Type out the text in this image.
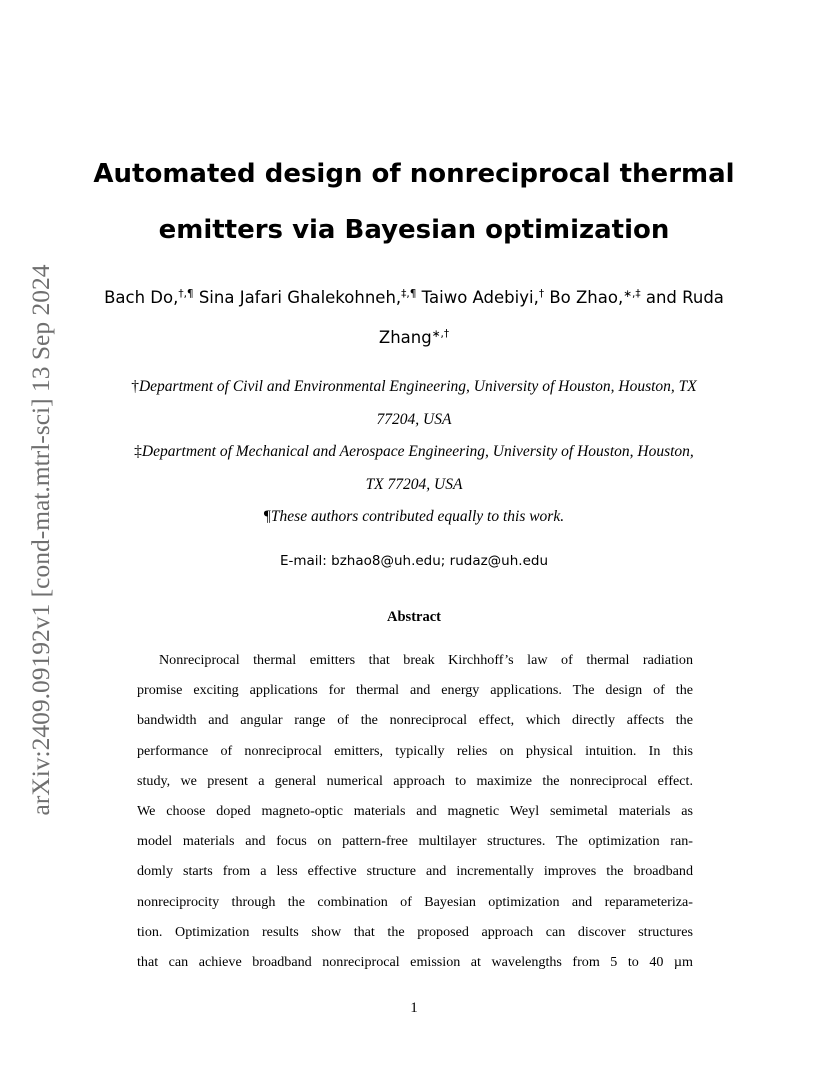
arXiv:2409.09192v1 [cond-mat.mtrl-sci] 13 Sep 2024
Automated design of nonreciprocal thermal
emitters via Bayesian optimization
Bach Do,†,¶ Sina Jafari Ghalekohneh,‡,¶ Taiwo Adebiyi,† Bo Zhao,∗,‡ and Ruda
Zhang∗,†
†Department of Civil and Environmental Engineering, University of Houston, Houston, TX
77204, USA
‡Department of Mechanical and Aerospace Engineering, University of Houston, Houston,
TX 77204, USA
¶These authors contributed equally to this work.
E-mail: bzhao8@uh.edu; rudaz@uh.edu
Abstract
Nonreciprocal thermal emitters that break Kirchhoff’s law of thermal radiation
promise exciting applications for thermal and energy applications. The design of the
bandwidth and angular range of the nonreciprocal effect, which directly affects the
performance of nonreciprocal emitters, typically relies on physical intuition. In this
study, we present a general numerical approach to maximize the nonreciprocal effect.
We choose doped magneto-optic materials and magnetic Weyl semimetal materials as
model materials and focus on pattern-free multilayer structures. The optimization ran-
domly starts from a less effective structure and incrementally improves the broadband
nonreciprocity through the combination of Bayesian optimization and reparameteriza-
tion. Optimization results show that the proposed approach can discover structures
that can achieve broadband nonreciprocal emission at wavelengths from 5 to 40 µm
1
